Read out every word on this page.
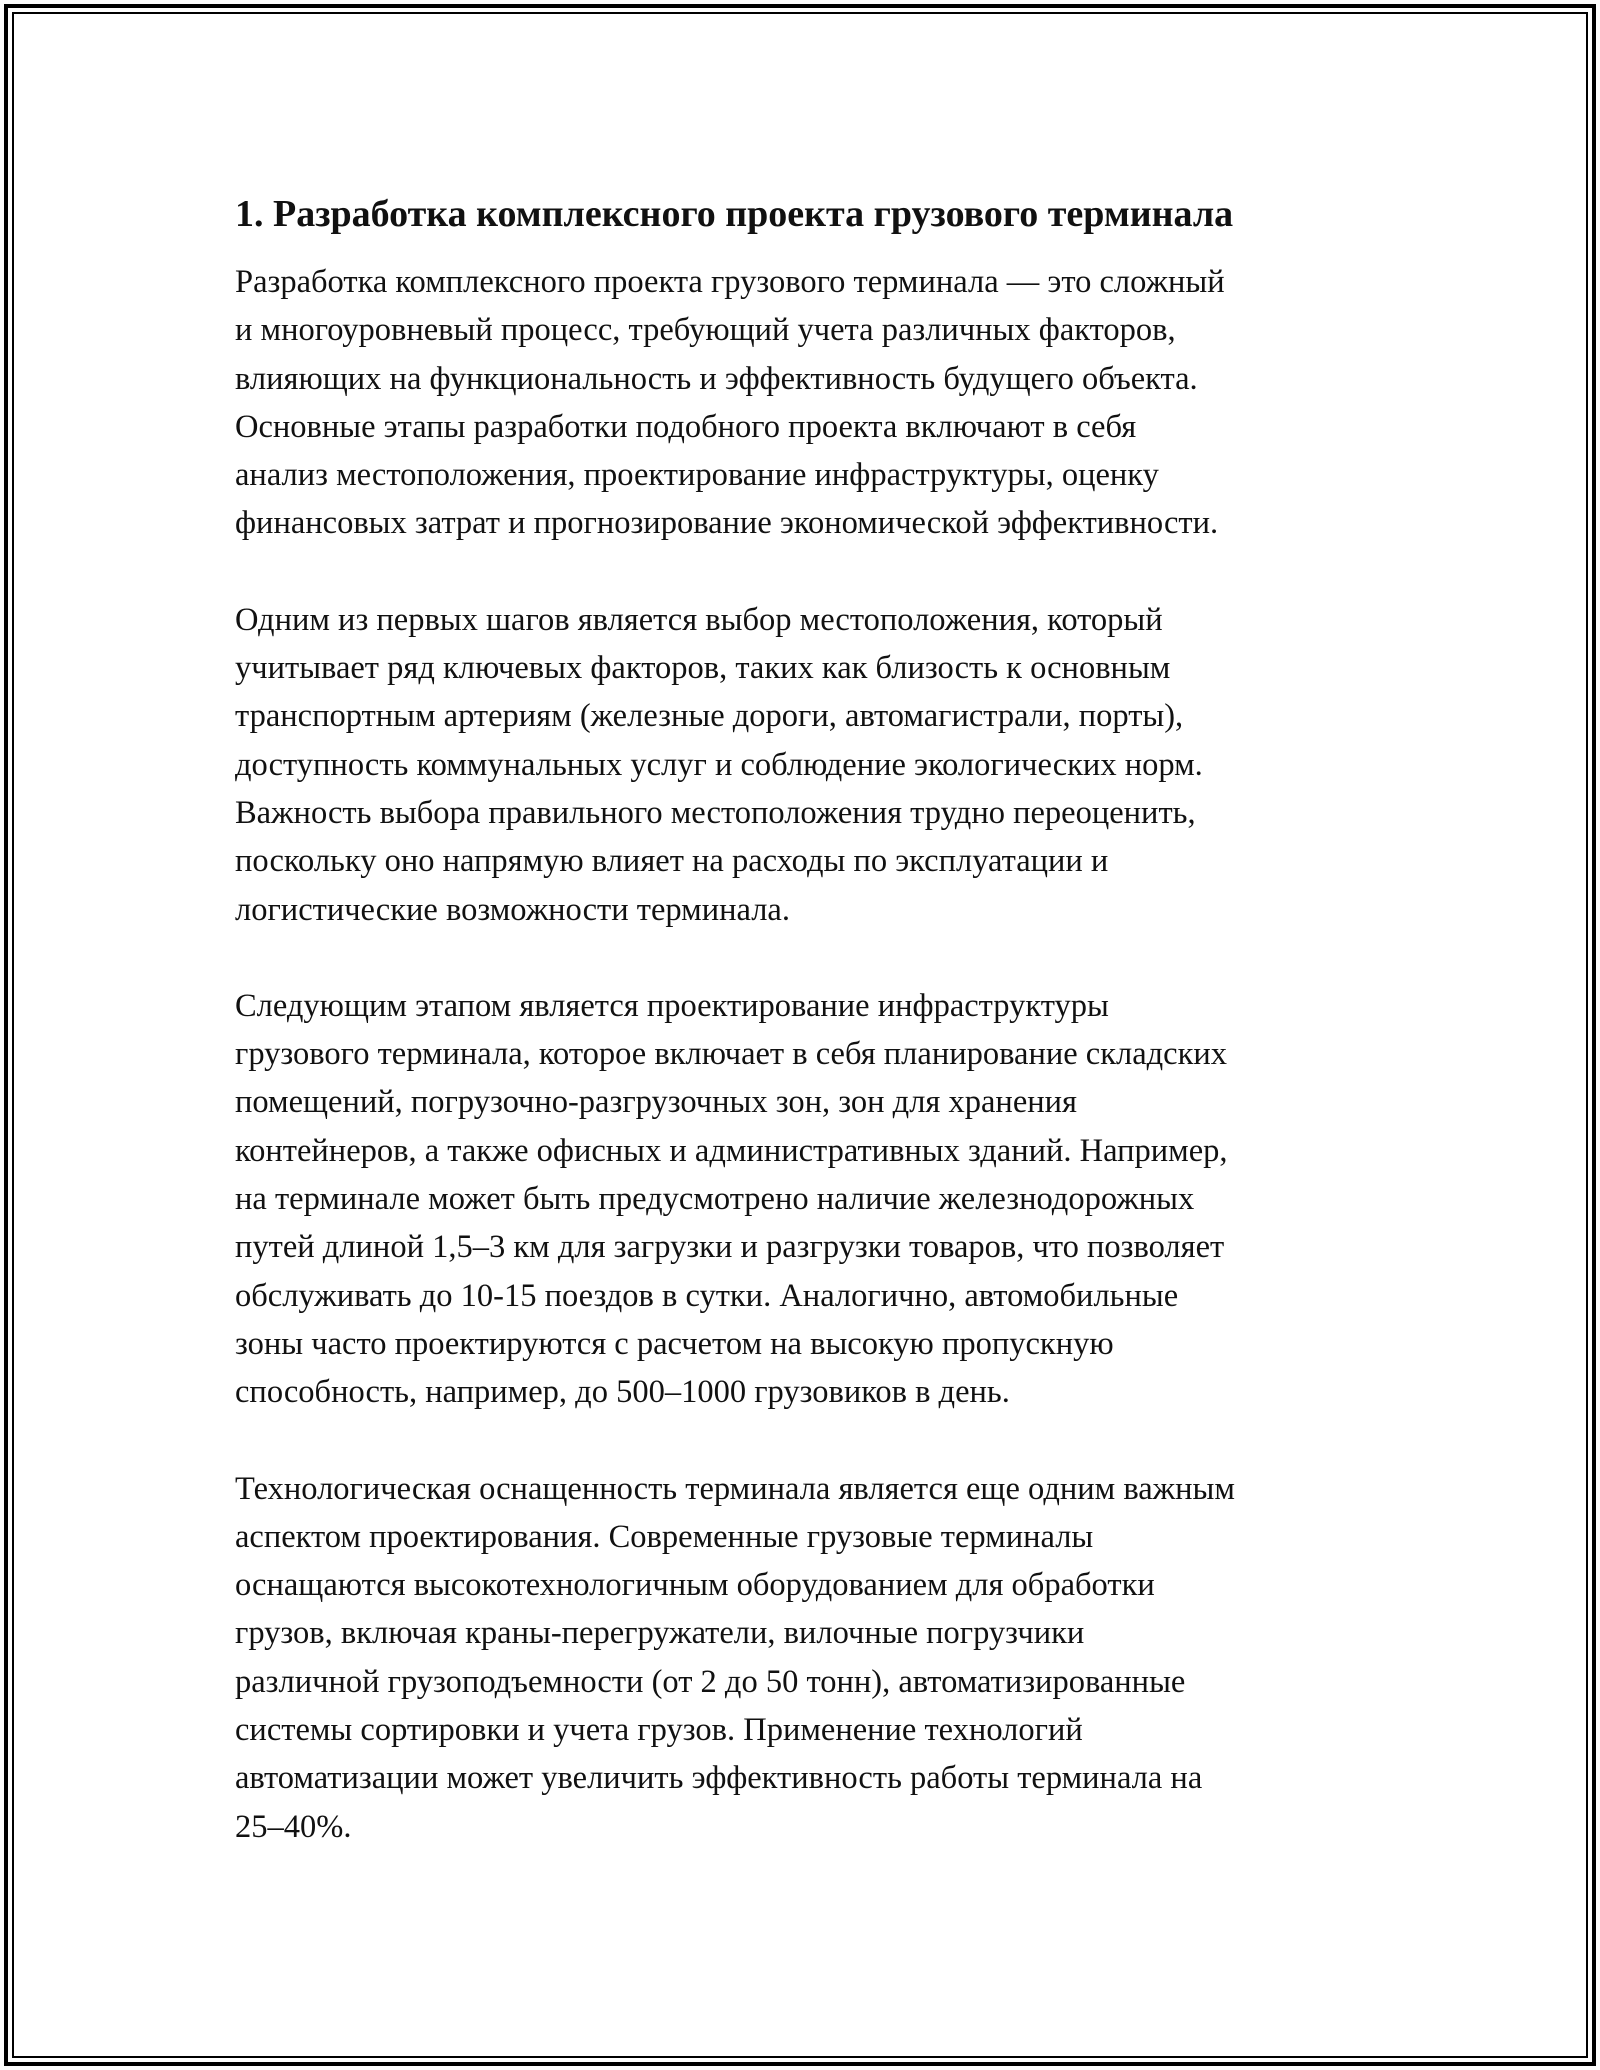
1. Разработка комплексного проекта грузового терминала

Разработка комплексного проекта грузового терминала — это сложный
и многоуровневый процесс, требующий учета различных факторов,
влияющих на функциональность и эффективность будущего объекта.
Основные этапы разработки подобного проекта включают в себя
анализ местоположения, проектирование инфраструктуры, оценку
финансовых затрат и прогнозирование экономической эффективности.

Одним из первых шагов является выбор местоположения, который
учитывает ряд ключевых факторов, таких как близость к основным
транспортным артериям (железные дороги, автомагистрали, порты),
доступность коммунальных услуг и соблюдение экологических норм.
Важность выбора правильного местоположения трудно переоценить,
поскольку оно напрямую влияет на расходы по эксплуатации и
логистические возможности терминала.

Следующим этапом является проектирование инфраструктуры
грузового терминала, которое включает в себя планирование складских
помещений, погрузочно-разгрузочных зон, зон для хранения
контейнеров, а также офисных и административных зданий. Например,
на терминале может быть предусмотрено наличие железнодорожных
путей длиной 1,5–3 км для загрузки и разгрузки товаров, что позволяет
обслуживать до 10-15 поездов в сутки. Аналогично, автомобильные
зоны часто проектируются с расчетом на высокую пропускную
способность, например, до 500–1000 грузовиков в день.

Технологическая оснащенность терминала является еще одним важным
аспектом проектирования. Современные грузовые терминалы
оснащаются высокотехнологичным оборудованием для обработки
грузов, включая краны-перегружатели, вилочные погрузчики
различной грузоподъемности (от 2 до 50 тонн), автоматизированные
системы сортировки и учета грузов. Применение технологий
автоматизации может увеличить эффективность работы терминала на
25–40%.
